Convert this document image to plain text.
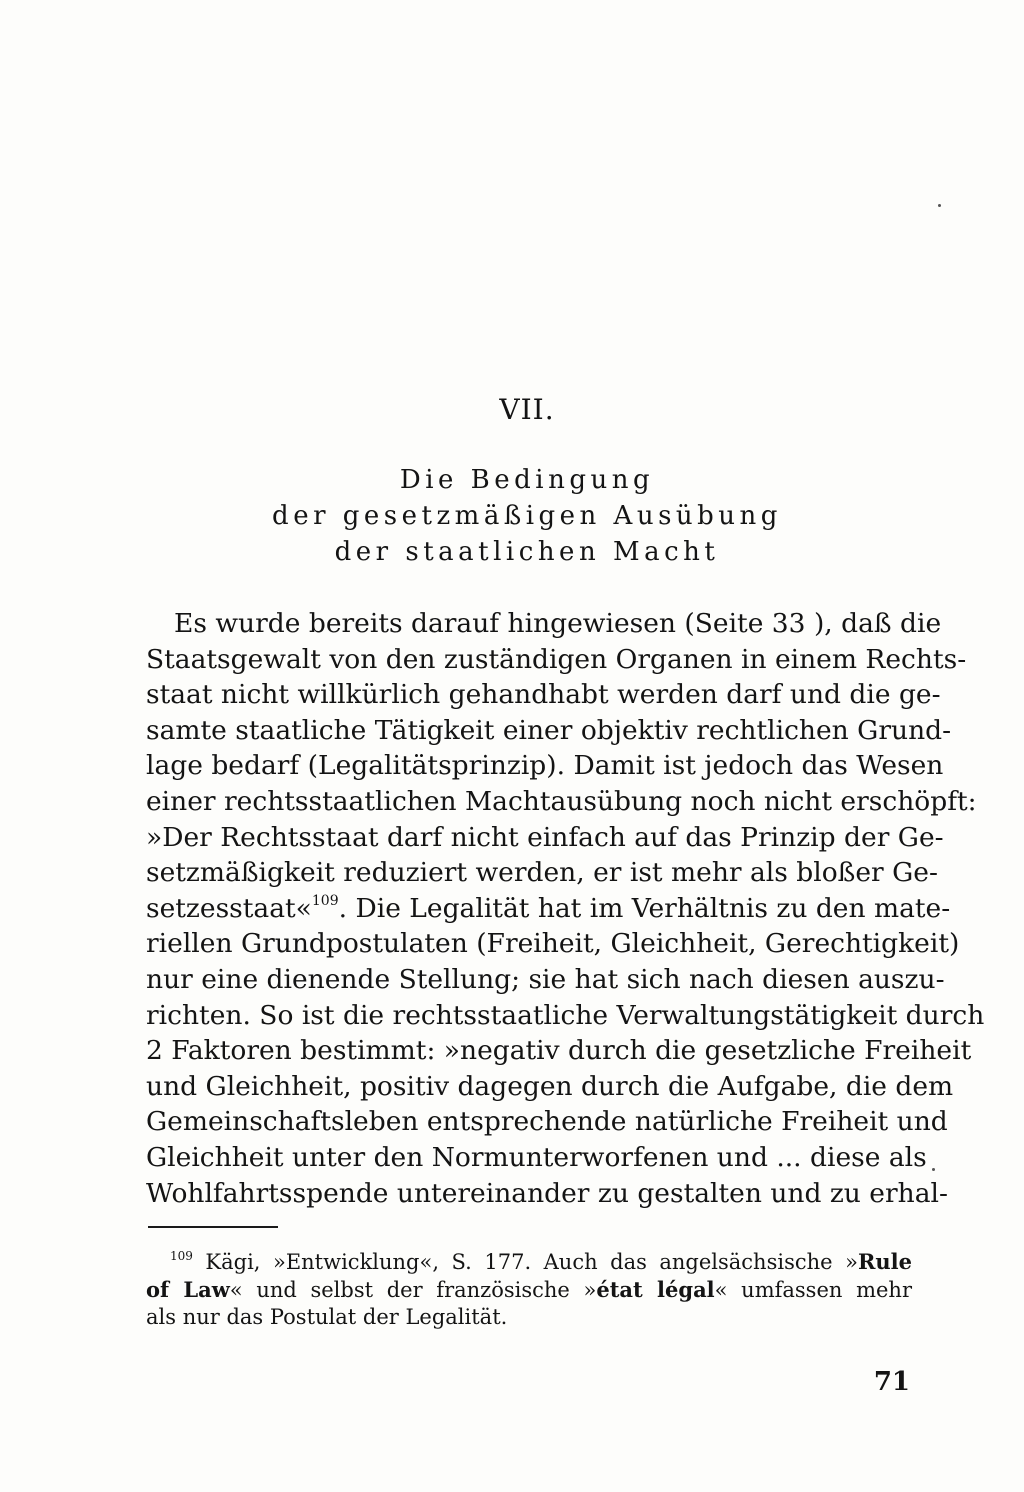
VII.
Die Bedingung
der gesetzmäßigen Ausübung
der staatlichen Macht
Es wurde bereits darauf hingewiesen (Seite 33 ), daß die
Staatsgewalt von den zuständigen Organen in einem Rechts-
staat nicht willkürlich gehandhabt werden darf und die ge-
samte staatliche Tätigkeit einer objektiv rechtlichen Grund-
lage bedarf (Legalitätsprinzip). Damit ist jedoch das Wesen
einer rechtsstaatlichen Machtausübung noch nicht erschöpft:
»Der Rechtsstaat darf nicht einfach auf das Prinzip der Ge-
setzmäßigkeit reduziert werden, er ist mehr als bloßer Ge-
setzesstaat«$^{109}$. Die Legalität hat im Verhältnis zu den mate-
riellen Grundpostulaten (Freiheit, Gleichheit, Gerechtigkeit)
nur eine dienende Stellung; sie hat sich nach diesen auszu-
richten. So ist die rechtsstaatliche Verwaltungstätigkeit durch
2 Faktoren bestimmt: »negativ durch die gesetzliche Freiheit
und Gleichheit, positiv dagegen durch die Aufgabe, die dem
Gemeinschaftsleben entsprechende natürliche Freiheit und
Gleichheit unter den Normunterworfenen und ... diese als
Wohlfahrtsspende untereinander zu gestalten und zu erhal-
$^{109}$ Kägi, »Entwicklung«, S. 177. Auch das angelsächsische »Rule
of Law« und selbst der französische »état légal« umfassen mehr
als nur das Postulat der Legalität.
71
